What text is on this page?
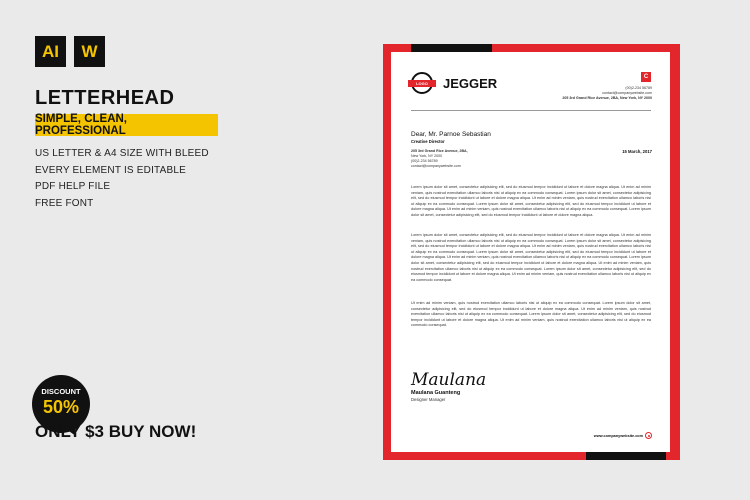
AI	W
LETTERHEAD
SIMPLE, CLEAN, PROFESSIONAL
US LETTER & A4 SIZE WITH BLEED
EVERY ELEMENT IS EDITABLE
PDF HELP FILE
FREE FONT
DISCOUNT
50%
ONLY $3 BUY NOW!
LOGO	JEGGER	C
(00)2-234 56789
contact@companywebsite.com
205 3rd Grand Rice Avenue, 2BA, New York, NY 2000
Dear, Mr. Parnoe Sebastian
Creative Director
205 3rd Grand Rice Avenue, 2BA,
New York, NY 2000
(00)2-234 56789
contact@companywebsite.com
15 March, 2017
Lorem ipsum dolor sit amet, consectetur adipisicing elit, sed do eiusmod tempor incididunt ut labore et dolore magna aliqua. Ut enim ad minim veniam, quis nostrud exercitation ullamco laboris nisi ut aliquip ex ea commodo consequat. Lorem ipsum dolor sit amet, consectetur adipisicing elit, sed do eiusmod tempor incididunt ut labore et dolore magna aliqua. Ut enim ad minim veniam, quis nostrud exercitation ullamco laboris nisi ut aliquip ex ea commodo consequat. Lorem ipsum dolor sit amet, consectetur adipisicing elit, sed do eiusmod tempor incididunt ut labore et dolore magna aliqua. Ut enim ad minim veniam, quis nostrud exercitation ullamco laboris nisi ut aliquip ex ea commodo consequat. Lorem ipsum dolor sit amet, consectetur adipisicing elit, sed do eiusmod tempor incididunt ut labore et dolore magna aliqua.
Lorem ipsum dolor sit amet, consectetur adipisicing elit, sed do eiusmod tempor incididunt ut labore et dolore magna aliqua. Ut enim ad minim veniam, quis nostrud exercitation ullamco laboris nisi ut aliquip ex ea commodo consequat. Lorem ipsum dolor sit amet, consectetur adipisicing elit, sed do eiusmod tempor incididunt ut labore et dolore magna aliqua. Ut enim ad minim veniam, quis nostrud exercitation ullamco laboris nisi ut aliquip ex ea commodo consequat. Lorem ipsum dolor sit amet, consectetur adipisicing elit, sed do eiusmod tempor incididunt ut labore et dolore magna aliqua. Ut enim ad minim veniam, quis nostrud exercitation ullamco laboris nisi ut aliquip ex ea commodo consequat. Lorem ipsum dolor sit amet, consectetur adipisicing elit, sed do eiusmod tempor incididunt ut labore et dolore magna aliqua. Ut enim ad minim veniam, quis nostrud exercitation ullamco laboris nisi ut aliquip ex ea commodo consequat. Lorem ipsum dolor sit amet, consectetur adipisicing elit, sed do eiusmod tempor incididunt ut labore et dolore magna aliqua. Ut enim ad minim veniam, quis nostrud exercitation ullamco laboris nisi ut aliquip ex ea commodo consequat.
Ut enim ad minim veniam, quis nostrud exercitation ullamco laboris nisi ut aliquip ex ea commodo consequat. Lorem ipsum dolor sit amet, consectetur adipisicing elit, sed do eiusmod tempor incididunt ut labore et dolore magna aliqua. Ut enim ad minim veniam, quis nostrud exercitation ullamco laboris nisi ut aliquip ex ea commodo consequat. Lorem ipsum dolor sit amet, consectetur adipisicing elit, sed do eiusmod tempor incididunt ut labore et dolore magna aliqua. Ut enim ad minim veniam, quis nostrud exercitation ullamco laboris nisi ut aliquip ex ea commodo consequat.
Maulana
Maulana Guanteng
Designer Manager
www.companywebsite.com
